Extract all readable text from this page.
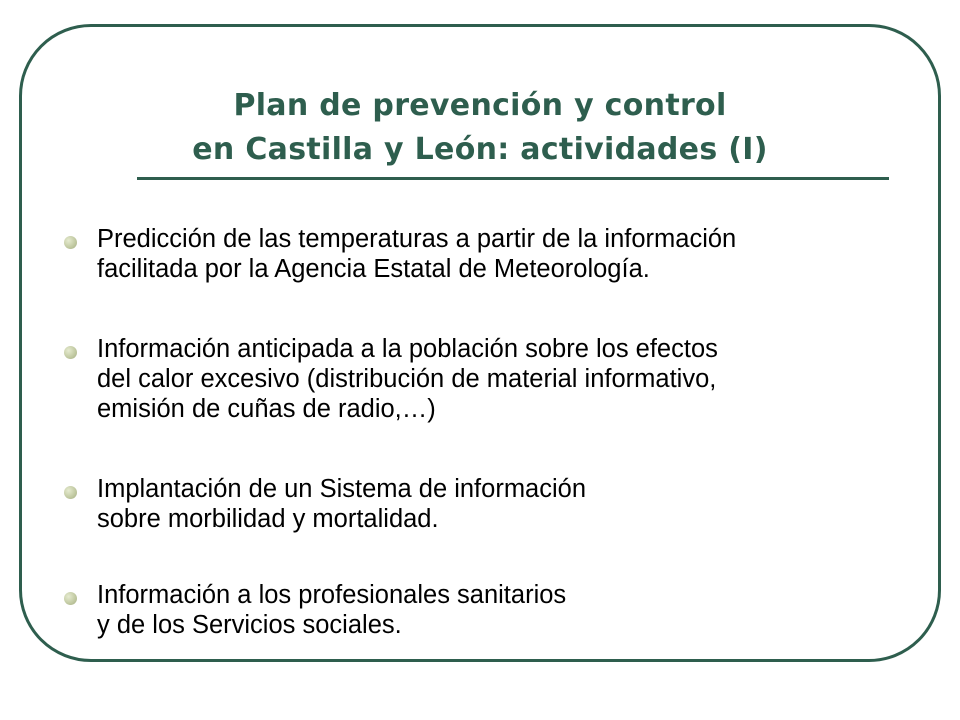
Plan de prevención y control
en Castilla y León: actividades (I)
Predicción de las temperaturas a partir de la información
facilitada por la Agencia Estatal de Meteorología.
Información anticipada a la población sobre los efectos
del calor excesivo (distribución de material informativo,
emisión de cuñas de radio,…)
Implantación de un Sistema de información
sobre morbilidad y mortalidad.
Información a los profesionales sanitarios
y de los Servicios sociales.
